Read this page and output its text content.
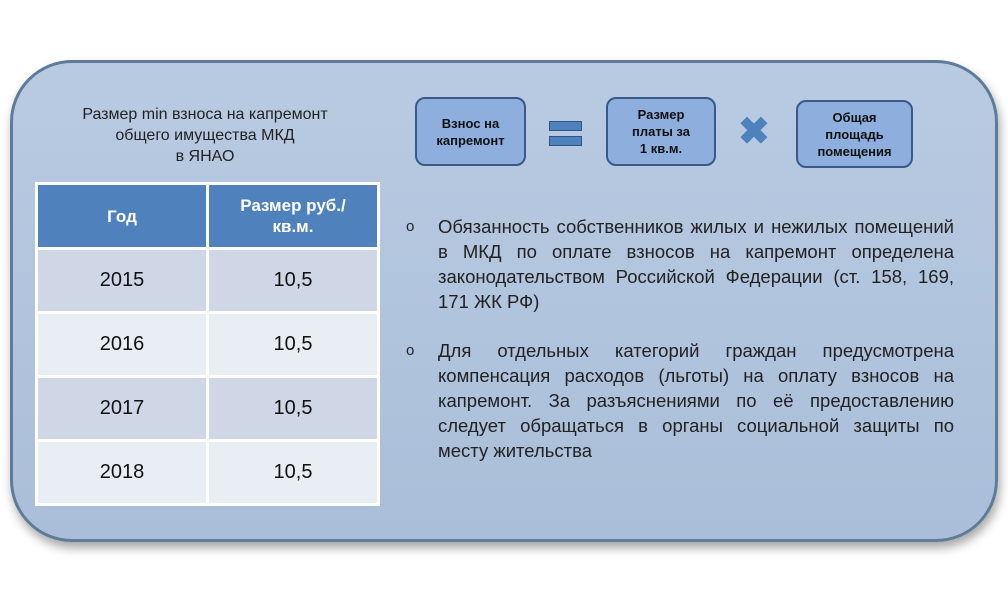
Размер min взноса на капремонт
общего имущества МКД
в ЯНАО
Год	Размер руб./кв.м.
2015	10,5
2016	10,5
2017	10,5
2018	10,5
Взнос на
капремонт
Размер
платы за
1 кв.м. ✖	Общая
площадь
помещения
o Обязанность собственников жилых и нежилых помещений в МКД по оплате взносов на капремонт определена законодательством Российской Федерации (ст. 158, 169, 171 ЖК РФ)
o Для отдельных категорий граждан предусмотрена компенсация расходов (льготы) на оплату взносов на капремонт. За разъяснениями по её предоставлению следует обращаться в органы социальной защиты по месту жительства
